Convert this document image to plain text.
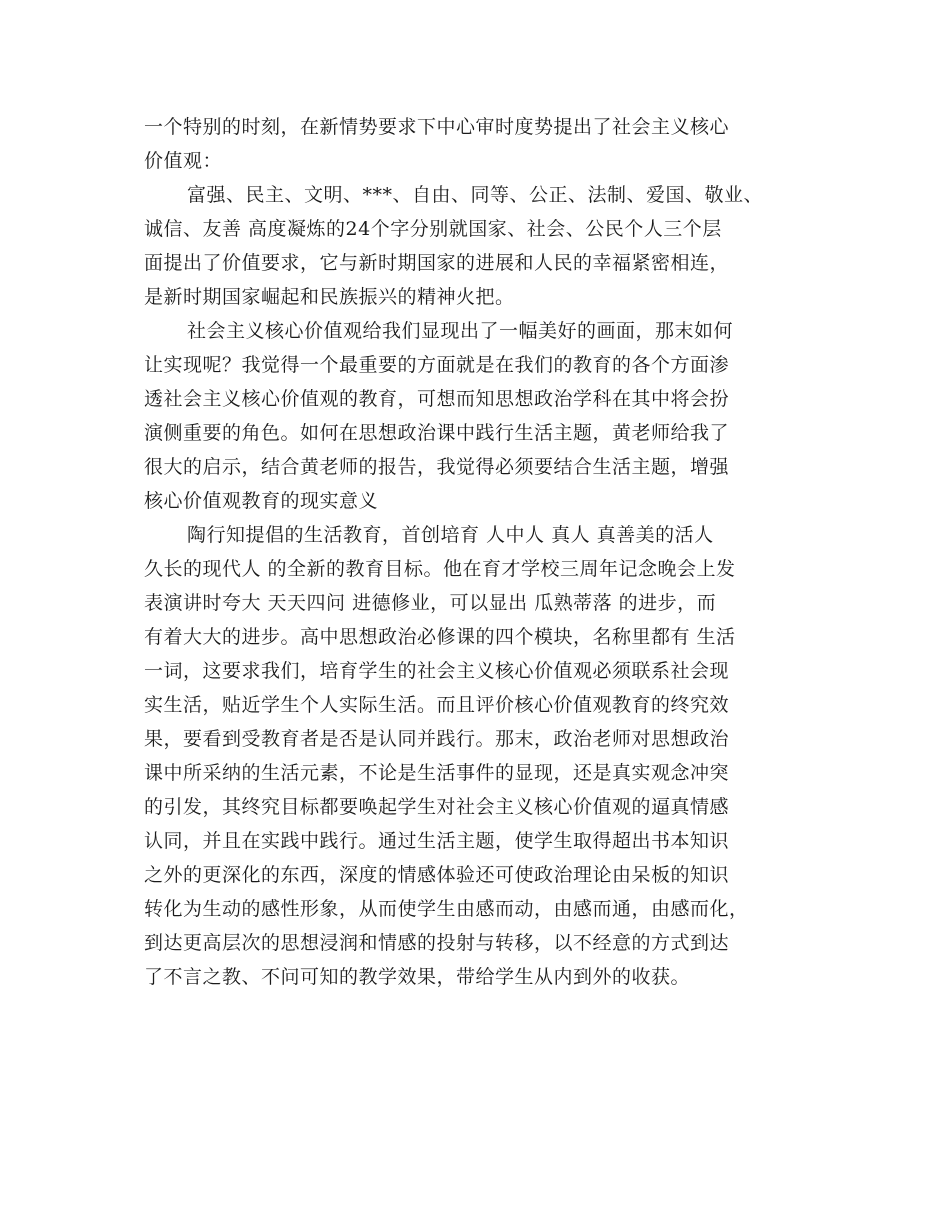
一个特别的时刻，在新情势要求下中心审时度势提出了社会主义核心
价值观：
富强、民主、文明、***、自由、同等、公正、法制、爱国、敬业、
诚信、友善 高度凝炼的24个字分别就国家、社会、公民个人三个层
面提出了价值要求，它与新时期国家的进展和人民的幸福紧密相连，
是新时期国家崛起和民族振兴的精神火把。
社会主义核心价值观给我们显现出了一幅美好的画面，那末如何
让实现呢？我觉得一个最重要的方面就是在我们的教育的各个方面渗
透社会主义核心价值观的教育，可想而知思想政治学科在其中将会扮
演侧重要的角色。如何在思想政治课中践行生活主题，黄老师给我了
很大的启示，结合黄老师的报告，我觉得必须要结合生活主题，增强
核心价值观教育的现实意义
陶行知提倡的生活教育，首创培育 人中人 真人 真善美的活人
久长的现代人 的全新的教育目标。他在育才学校三周年记念晚会上发
表演讲时夸大 天天四问 进德修业，可以显出 瓜熟蒂落 的进步，而
有着大大的进步。高中思想政治必修课的四个模块，名称里都有 生活
一词，这要求我们，培育学生的社会主义核心价值观必须联系社会现
实生活，贴近学生个人实际生活。而且评价核心价值观教育的终究效
果，要看到受教育者是否是认同并践行。那末，政治老师对思想政治
课中所采纳的生活元素，不论是生活事件的显现，还是真实观念冲突
的引发，其终究目标都要唤起学生对社会主义核心价值观的逼真情感
认同，并且在实践中践行。通过生活主题，使学生取得超出书本知识
之外的更深化的东西，深度的情感体验还可使政治理论由呆板的知识
转化为生动的感性形象，从而使学生由感而动，由感而通，由感而化，
到达更高层次的思想浸润和情感的投射与转移，以不经意的方式到达
了不言之教、不问可知的教学效果，带给学生从内到外的收获。
